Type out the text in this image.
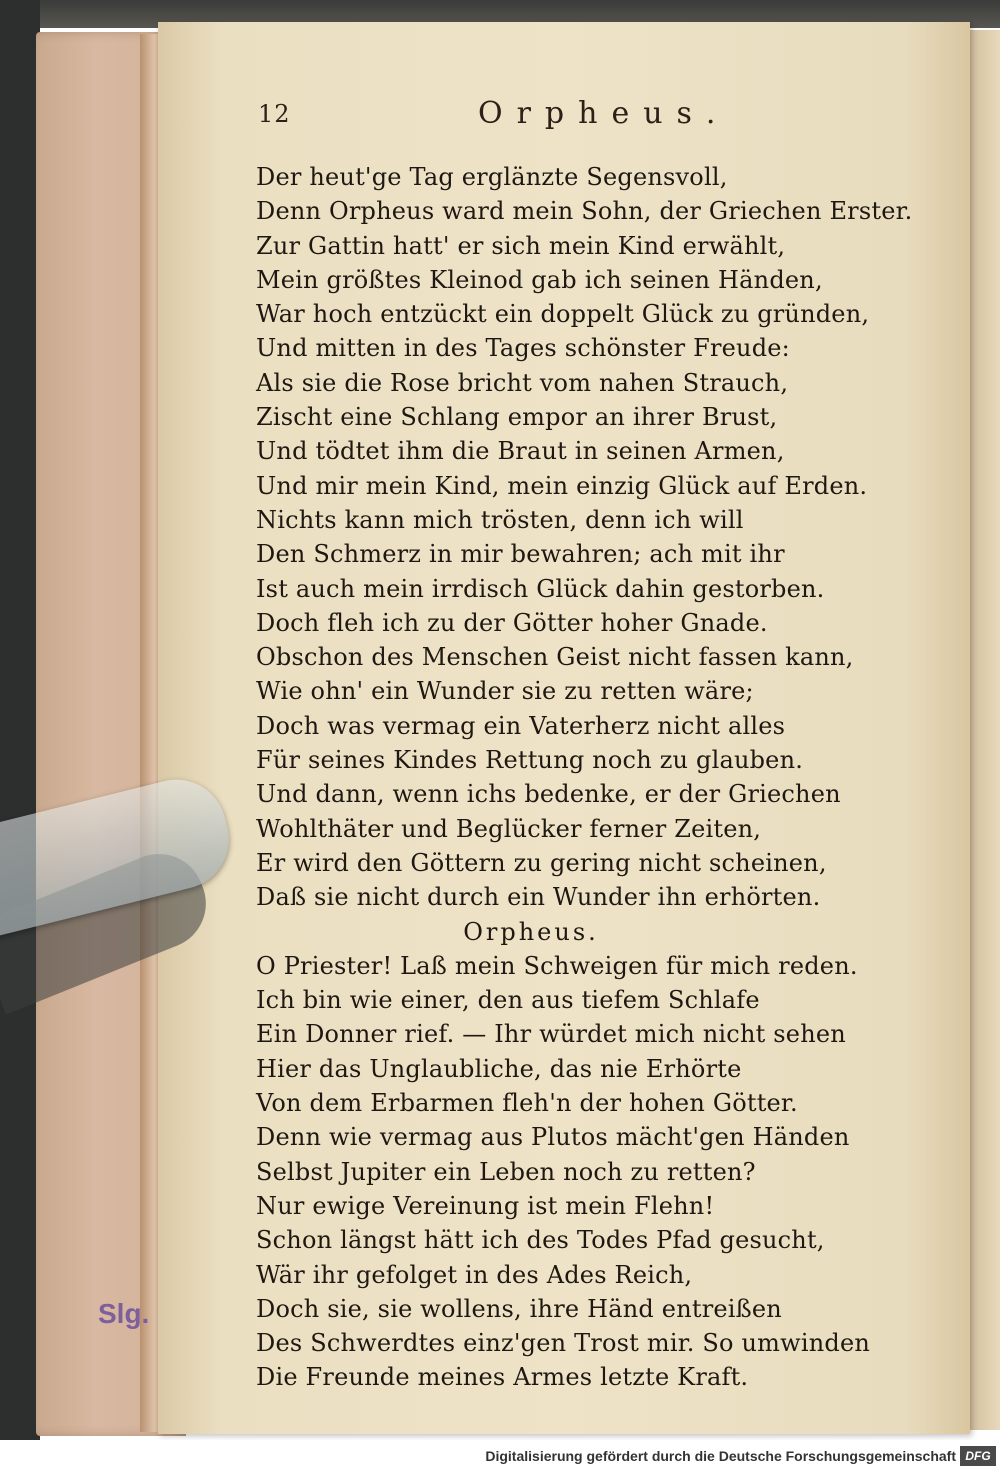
12	Orpheus.
Der heut'ge Tag erglänzte Segensvoll,
Denn Orpheus ward mein Sohn, der Griechen Erster.
Zur Gattin hatt' er sich mein Kind erwählt,
Mein größtes Kleinod gab ich seinen Händen,
War hoch entzückt ein doppelt Glück zu gründen,
Und mitten in des Tages schönster Freude:
Als sie die Rose bricht vom nahen Strauch,
Zischt eine Schlang empor an ihrer Brust,
Und tödtet ihm die Braut in seinen Armen,
Und mir mein Kind, mein einzig Glück auf Erden.
Nichts kann mich trösten, denn ich will
Den Schmerz in mir bewahren; ach mit ihr
Ist auch mein irrdisch Glück dahin gestorben.
Doch fleh ich zu der Götter hoher Gnade.
Obschon des Menschen Geist nicht fassen kann,
Wie ohn' ein Wunder sie zu retten wäre;
Doch was vermag ein Vaterherz nicht alles
Für seines Kindes Rettung noch zu glauben.
Und dann, wenn ichs bedenke, er der Griechen
Wohlthäter und Beglücker ferner Zeiten,
Er wird den Göttern zu gering nicht scheinen,
Daß sie nicht durch ein Wunder ihn erhörten.
Orpheus.
O Priester! Laß mein Schweigen für mich reden.
Ich bin wie einer, den aus tiefem Schlafe
Ein Donner rief. — Ihr würdet mich nicht sehen
Hier das Unglaubliche, das nie Erhörte
Von dem Erbarmen fleh'n der hohen Götter.
Denn wie vermag aus Plutos mächt'gen Händen
Selbst Jupiter ein Leben noch zu retten?
Nur ewige Vereinung ist mein Flehn!
Schon längst hätt ich des Todes Pfad gesucht,
Wär ihr gefolget in des Ades Reich,
Doch sie, sie wollens, ihre Händ entreißen
Des Schwerdtes einz'gen Trost mir. So umwinden
Die Freunde meines Armes letzte Kraft.
Slg.
Digitalisierung gefördert durch die Deutsche Forschungsgemeinschaft DFG
